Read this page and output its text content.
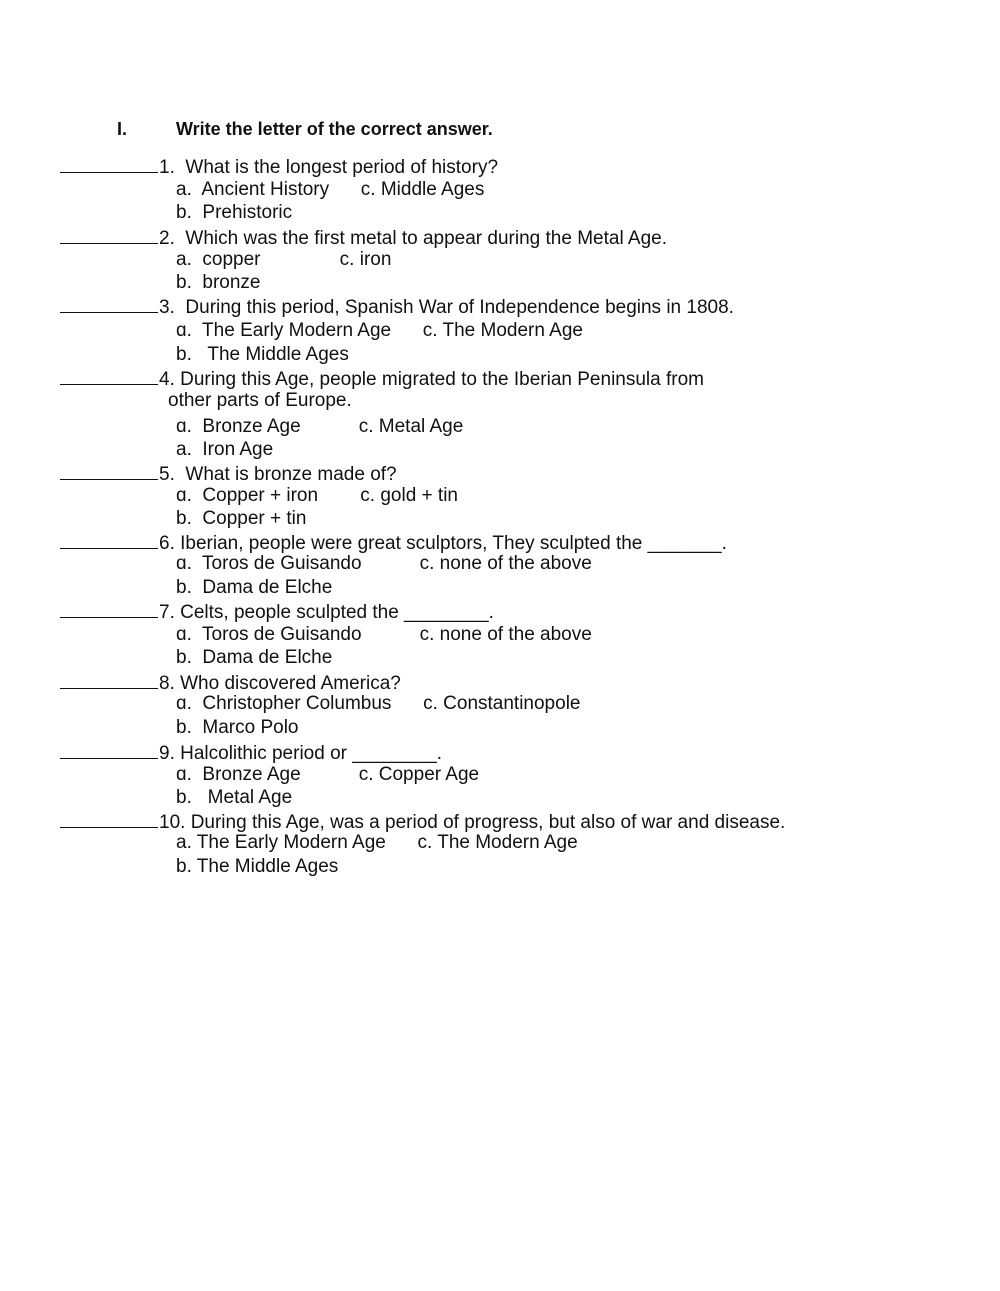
I.	Write the letter of the correct answer.
1.  What is the longest period of history?
a.  Ancient History      c. Middle Ages
b.  Prehistoric
2.  Which was the first metal to appear during the Metal Age.
a.  copper               c. iron
b.  bronze
3.  During this period, Spanish War of Independence begins in 1808.
ɑ.  The Early Modern Age      c. The Modern Age
b.   The Middle Ages
4. During this Age, people migrated to the Iberian Peninsula from
other parts of Europe.
ɑ.  Bronze Age           c. Metal Age
a.  Iron Age
5.  What is bronze made of?
ɑ.  Copper + iron        c. gold + tin
b.  Copper + tin
6. Iberian, people were great sculptors, They sculpted the _______.
ɑ.  Toros de Guisando           c. none of the above
b.  Dama de Elche
7. Celts, people sculpted the ________.
ɑ.  Toros de Guisando           c. none of the above
b.  Dama de Elche
8. Who discovered America?
ɑ.  Christopher Columbus      c. Constantinopole
b.  Marco Polo
9. Halcolithic period or ________.
ɑ.  Bronze Age           c. Copper Age
b.   Metal Age
10. During this Age, was a period of progress, but also of war and disease.
a. The Early Modern Age      c. The Modern Age
b. The Middle Ages
